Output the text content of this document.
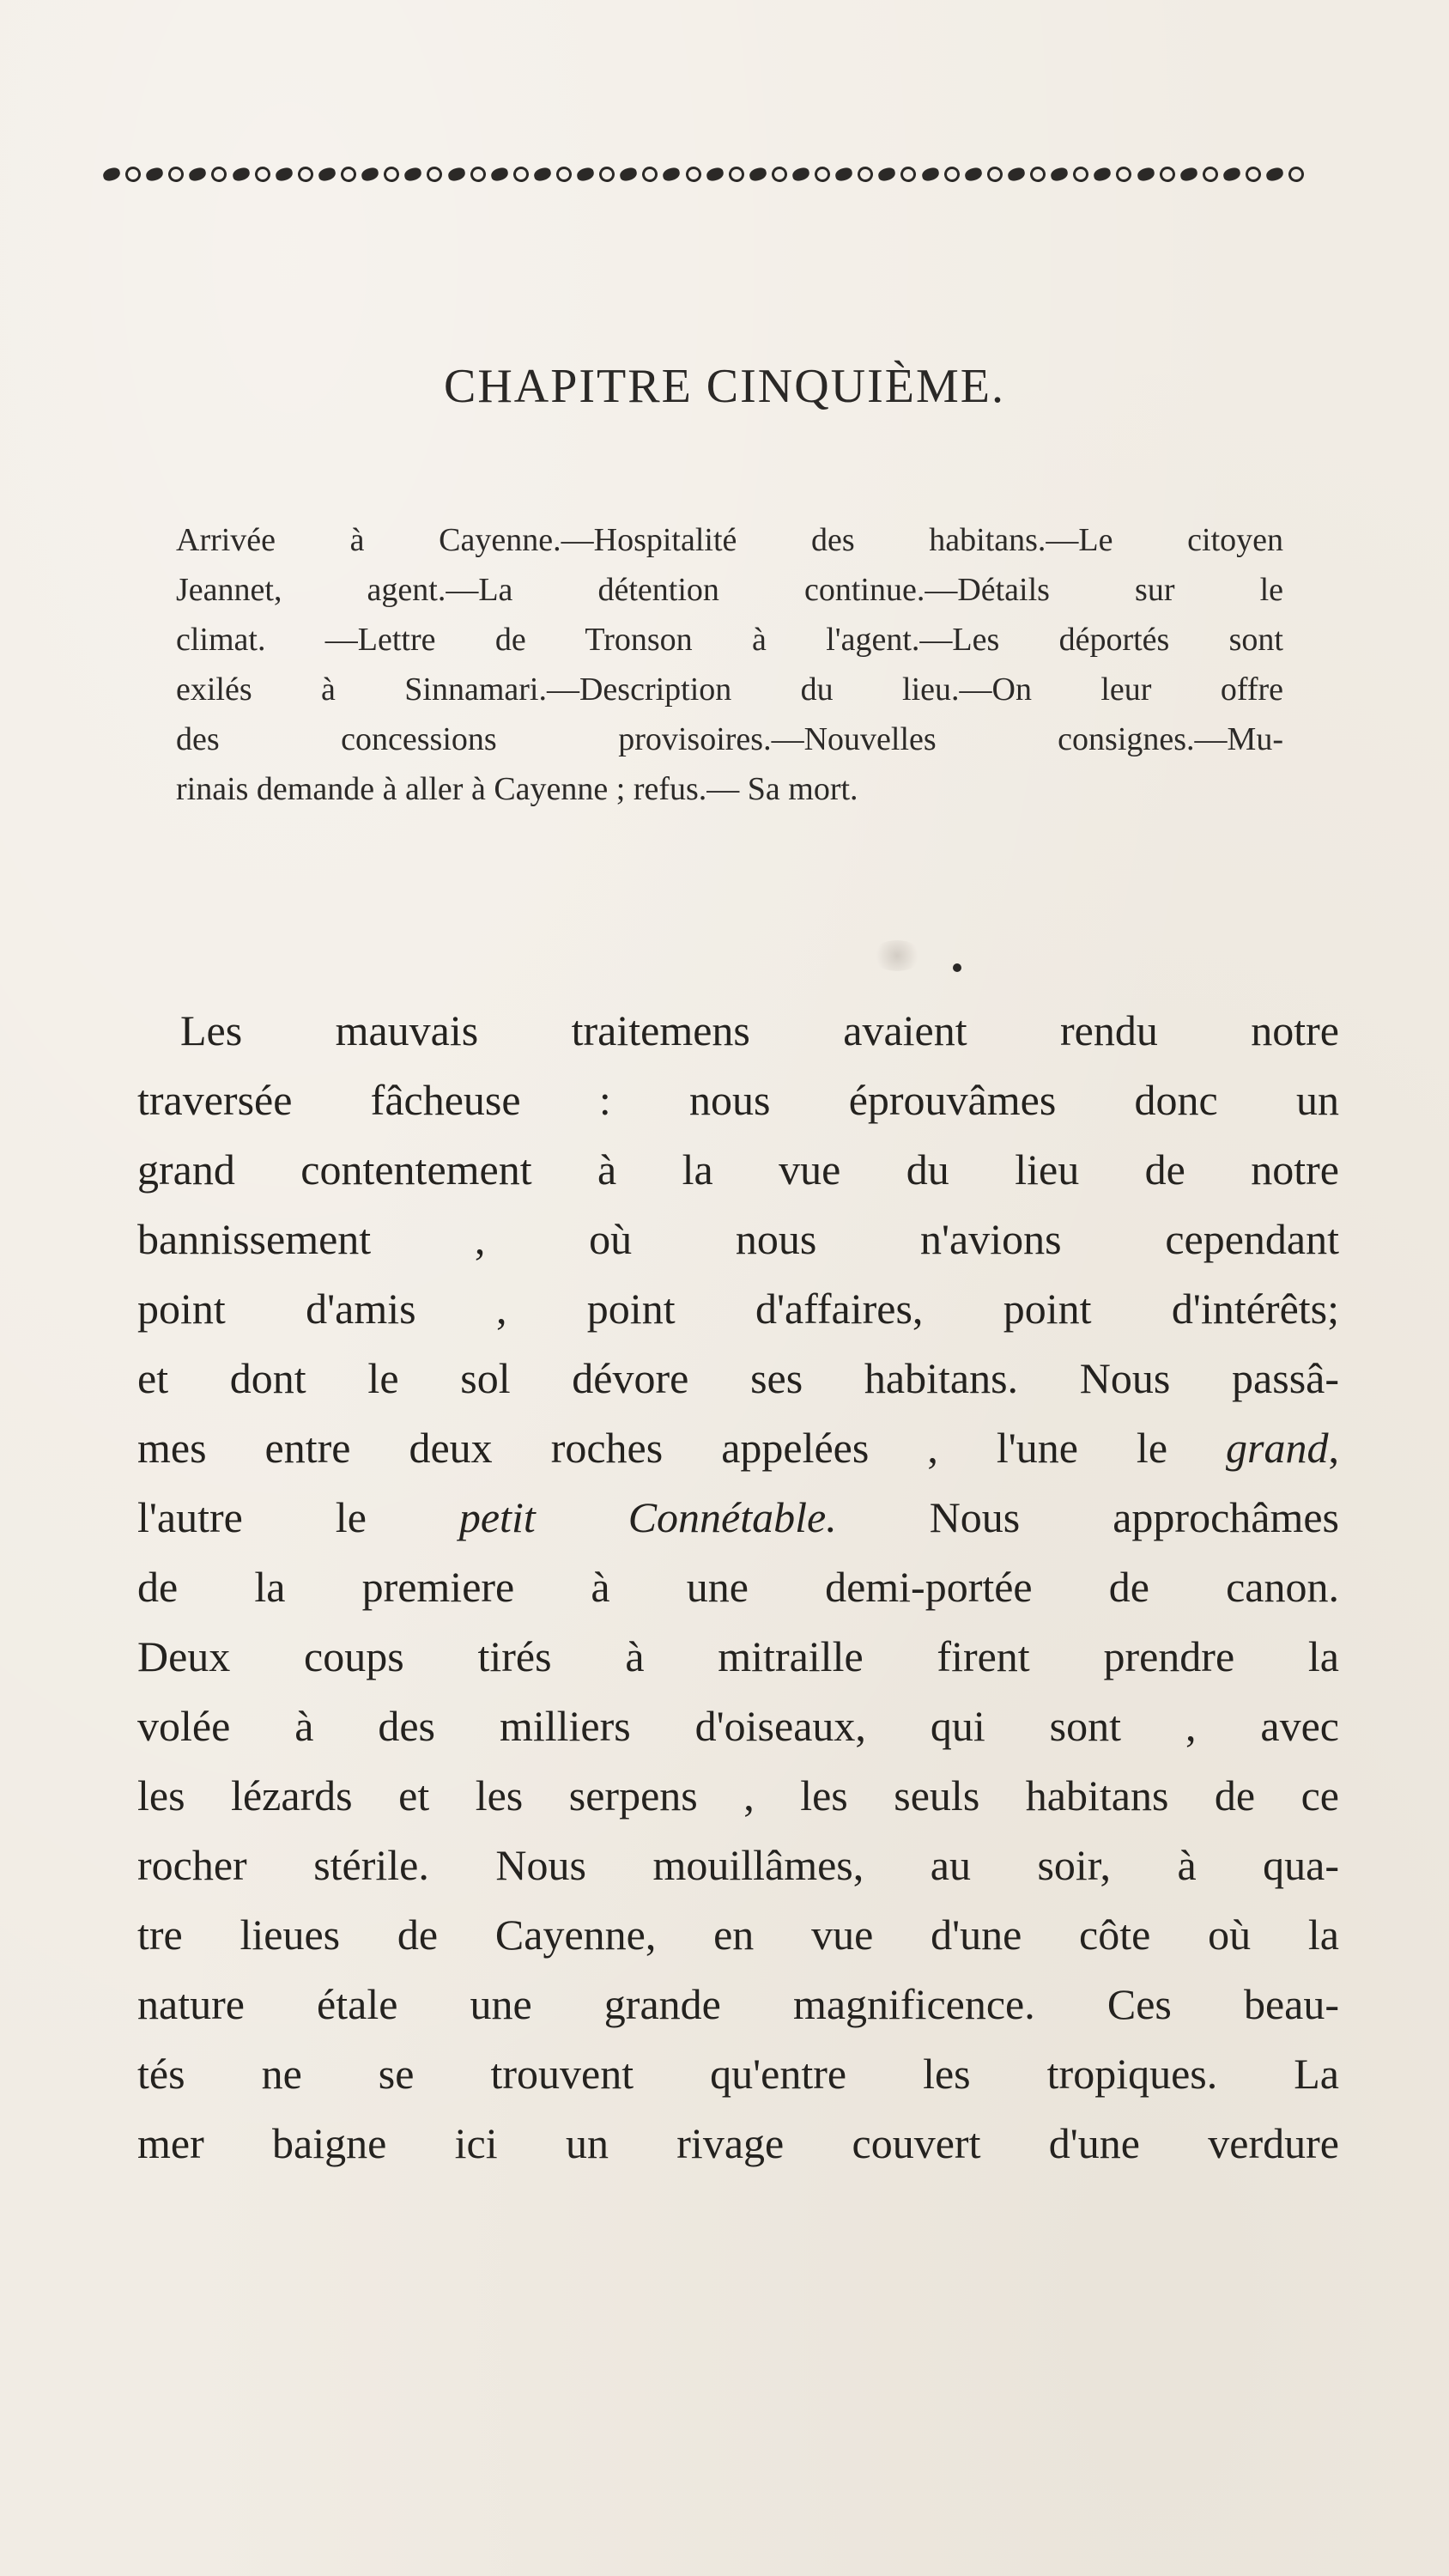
CHAPITRE CINQUIÈME.
Arrivée à Cayenne.—Hospitalité des habitans.—Le citoyen
Jeannet, agent.—La détention continue.—Détails sur le
climat. —Lettre de Tronson à l'agent.—Les déportés sont
exilés à Sinnamari.—Description du lieu.—On leur offre
des concessions provisoires.—Nouvelles consignes.—Mu-
rinais demande à aller à Cayenne ; refus.— Sa mort.
Les mauvais traitemens avaient rendu notre
traversée fâcheuse : nous éprouvâmes donc un
grand contentement à la vue du lieu de notre
bannissement , où nous n'avions cependant
point d'amis , point d'affaires, point d'intérêts;
et dont le sol dévore ses habitans. Nous passâ-
mes entre deux roches appelées , l'une le grand,
l'autre le petit Connétable. Nous approchâmes
de la premiere à une demi-portée de canon.
Deux coups tirés à mitraille firent prendre la
volée à des milliers d'oiseaux, qui sont , avec
les lézards et les serpens , les seuls habitans de ce
rocher stérile. Nous mouillâmes, au soir, à qua-
tre lieues de Cayenne, en vue d'une côte où la
nature étale une grande magnificence. Ces beau-
tés ne se trouvent qu'entre les tropiques. La
mer baigne ici un rivage couvert d'une verdure
